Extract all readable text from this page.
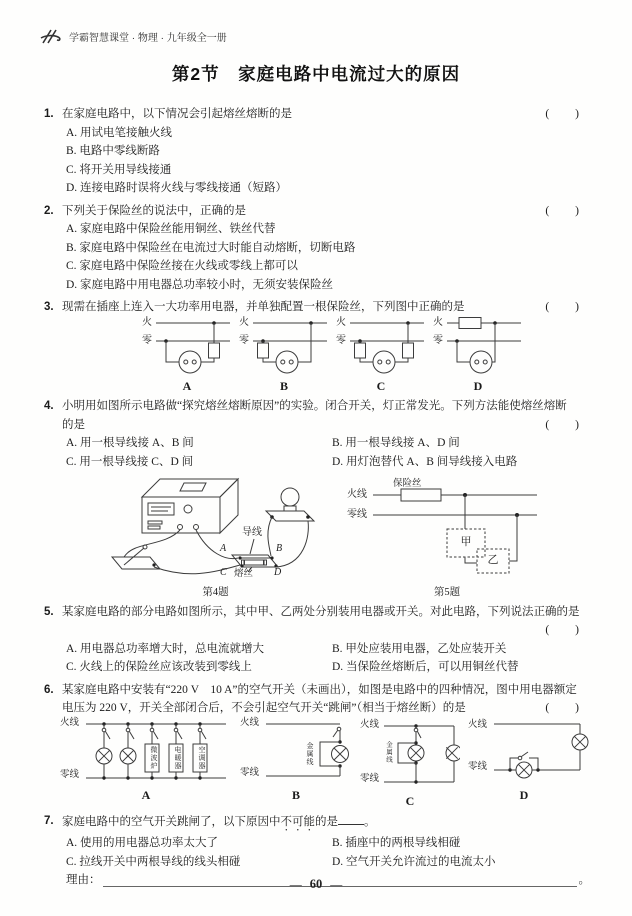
学霸智慧课堂 · 物理 · 九年级全一册
第2节　家庭电路中电流过大的原因
1. 在家庭电路中，以下情况会引起熔丝熔断的是	(　　)
A. 用试电笔接触火线
B. 电路中零线断路
C. 将开关用导线接通
D. 连接电路时误将火线与零线接通（短路）
2. 下列关于保险丝的说法中，正确的是	(　　)
A. 家庭电路中保险丝能用铜丝、铁丝代替
B. 家庭电路中保险丝在电流过大时能自动熔断，切断电路
C. 家庭电路中保险丝接在火线或零线上都可以
D. 家庭电路中用电器总功率较小时，无须安装保险丝
3. 现需在插座上连入一大功率用电器，并单独配置一根保险丝，下列图中正确的是	(　　)
火
零
A
火
零
B
火
零
C
火
零
D
4. 小明用如图所示电路做“探究熔丝熔断原因”的实验。闭合开关，灯正常发光。下列方法能使熔丝熔断
的是	(　　)
A. 用一根导线接 A、B 间	B. 用一根导线接 A、D 间
C. 用一根导线接 C、D 间	D. 用灯泡替代 A、B 间导线接入电路
导线
A	B
C	D
熔丝
第4题
保险丝
火线
零线
甲
乙
第5题
5. 某家庭电路的部分电路如图所示，其中甲、乙两处分别装用电器或开关。对此电路，下列说法正确的是
(　　)
A. 用电器总功率增大时，总电流就增大	B. 甲处应装用电器，乙处应装开关
C. 火线上的保险丝应该改装到零线上	D. 当保险丝熔断后，可以用铜丝代替
6. 某家庭电路中安装有“220 V　10 A”的空气开关（未画出），如图是电路中的四种情况，图中用电器额定
电压为 220 V，开关全部闭合后，不会引起空气开关“跳闸”（相当于熔丝断）的是	(　　)
火线
零线
微波炉	电暖器	空调器
A
火线
零线
金属线
B
火线
零线
金属线
C
火线
零线
D
7. 家庭电路中的空气开关跳闸了，以下原因中不可能的是 。
A. 使用的用电器总功率太大了	B. 插座中的两根导线相碰
C. 拉线开关中两根导线的线头相碰	D. 空气开关允许流过的电流太小
理由：	。
— 60 —
